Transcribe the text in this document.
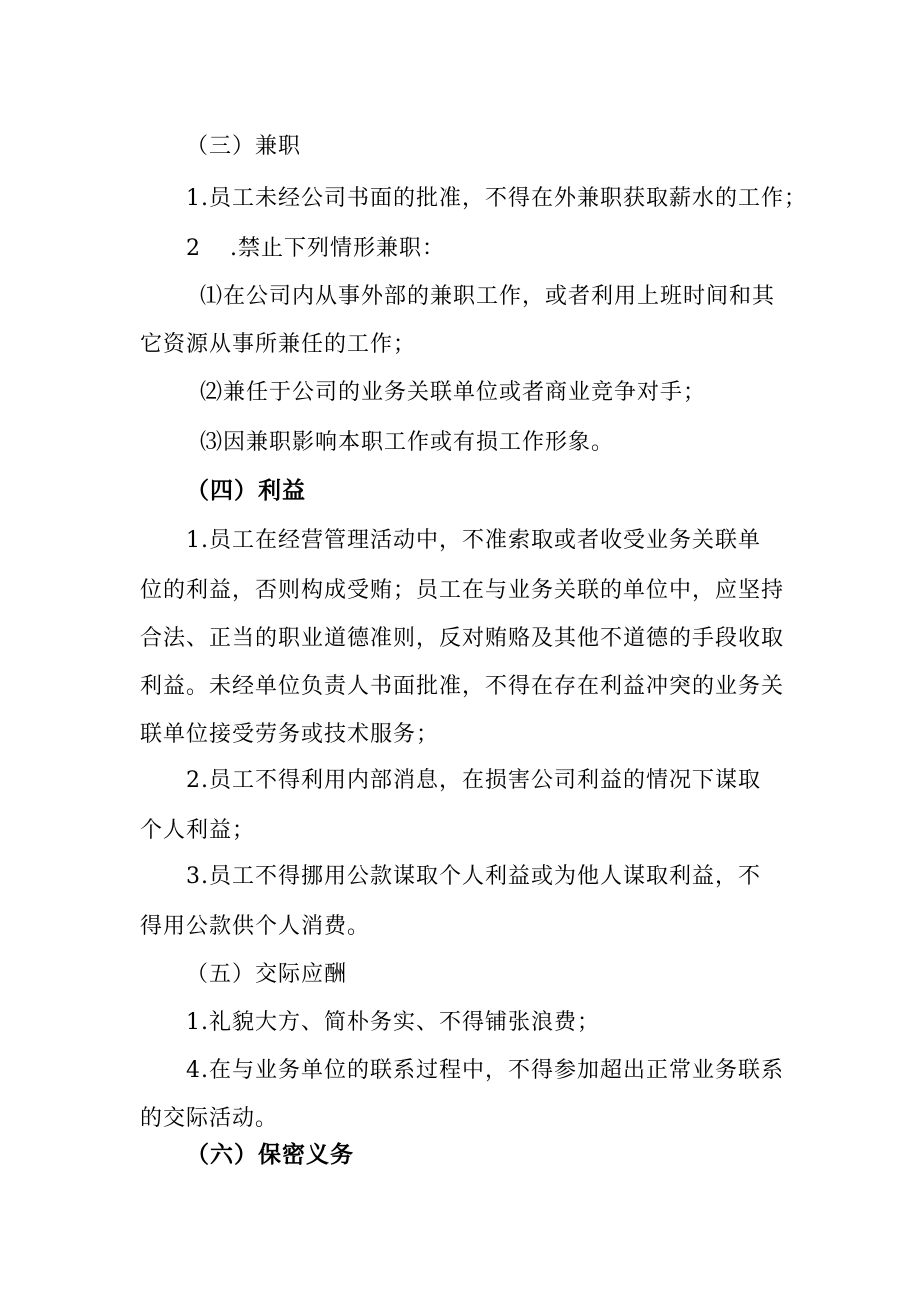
（三）兼职

1.员工未经公司书面的批准，不得在外兼职获取薪水的工作；

2 .禁止下列情形兼职：

⑴在公司内从事外部的兼职工作，或者利用上班时间和其

它资源从事所兼任的工作；

⑵兼任于公司的业务关联单位或者商业竞争对手；

⑶因兼职影响本职工作或有损工作形象。

（四）利益

1.员工在经营管理活动中，不准索取或者收受业务关联单

位的利益，否则构成受贿；员工在与业务关联的单位中，应坚持

合法、正当的职业道德准则，反对贿赂及其他不道德的手段收取

利益。未经单位负责人书面批准，不得在存在利益冲突的业务关

联单位接受劳务或技术服务；

2.员工不得利用内部消息，在损害公司利益的情况下谋取

个人利益；

3.员工不得挪用公款谋取个人利益或为他人谋取利益，不

得用公款供个人消费。

（五）交际应酬

1.礼貌大方、简朴务实、不得铺张浪费；

4.在与业务单位的联系过程中，不得参加超出正常业务联系

的交际活动。

（六）保密义务
